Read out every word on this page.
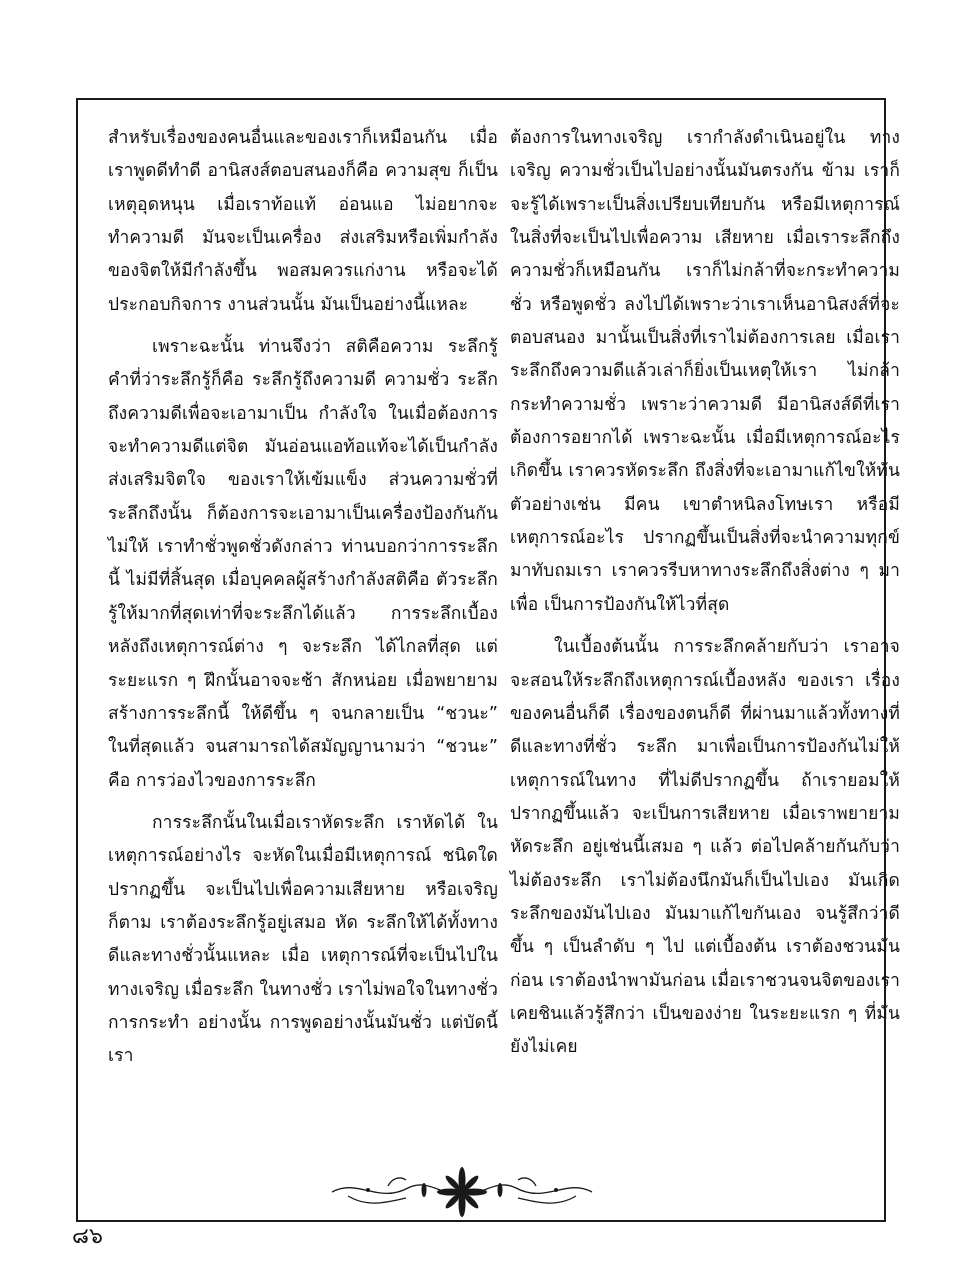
สำหรับเรื่องของคนอื่นและของเราก็เหมือนกัน เมื่อเราพูดดีทำดี อานิสงส์ตอบสนองก็คือ ความสุข ก็เป็นเหตุอุดหนุน เมื่อเราท้อแท้ อ่อนแอ ไม่อยากจะทำความดี มันจะเป็นเครื่อง ส่งเสริมหรือเพิ่มกำลังของจิตให้มีกำลังขึ้น พอสมควรแก่งาน หรือจะได้ประกอบกิจการ งานส่วนนั้น มันเป็นอย่างนี้แหละ

เพราะฉะนั้น ท่านจึงว่า สติคือความ ระลึกรู้ คำที่ว่าระลึกรู้ก็คือ ระลึกรู้ถึงความดี ความชั่ว ระลึกถึงความดีเพื่อจะเอามาเป็น กำลังใจ ในเมื่อต้องการจะทำความดีแต่จิต มันอ่อนแอท้อแท้จะได้เป็นกำลังส่งเสริมจิตใจ ของเราให้เข้มแข็ง ส่วนความชั่วที่ระลึกถึงนั้น ก็ต้องการจะเอามาเป็นเครื่องป้องกันกันไม่ให้ เราทำชั่วพูดชั่วดังกล่าว ท่านบอกว่าการระลึกนี้ ไม่มีที่สิ้นสุด เมื่อบุคคลผู้สร้างกำลังสติคือ ตัวระลึกรู้ให้มากที่สุดเท่าที่จะระลึกได้แล้ว การระลึกเบื้องหลังถึงเหตุการณ์ต่าง ๆ จะระลึก ได้ไกลที่สุด แต่ระยะแรก ๆ ฝึกนั้นอาจจะช้า สักหน่อย เมื่อพยายามสร้างการระลึกนี้ ให้ดีขึ้น ๆ จนกลายเป็น “ชวนะ” ในที่สุดแล้ว จนสามารถได้สมัญญานามว่า “ชวนะ” คือ การว่องไวของการระลึก

การระลึกนั้นในเมื่อเราหัดระลึก เราหัดได้ ในเหตุการณ์อย่างไร จะหัดในเมื่อมีเหตุการณ์ ชนิดใดปรากฏขึ้น จะเป็นไปเพื่อความเสียหาย หรือเจริญก็ตาม เราต้องระลึกรู้อยู่เสมอ หัด ระลึกให้ได้ทั้งทางดีและทางชั่วนั้นแหละ เมื่อ เหตุการณ์ที่จะเป็นไปในทางเจริญ เมื่อระลึก ในทางชั่ว เราไม่พอใจในทางชั่ว การกระทำ อย่างนั้น การพูดอย่างนั้นมันชั่ว แต่บัดนี้เรา

ต้องการในทางเจริญ เรากำลังดำเนินอยู่ใน ทางเจริญ ความชั่วเป็นไปอย่างนั้นมันตรงกัน ข้าม เราก็จะรู้ได้เพราะเป็นสิ่งเปรียบเทียบกัน หรือมีเหตุการณ์ในสิ่งที่จะเป็นไปเพื่อความ เสียหาย เมื่อเราระลึกถึงความชั่วก็เหมือนกัน เราก็ไม่กล้าที่จะกระทำความชั่ว หรือพูดชั่ว ลงไปได้เพราะว่าเราเห็นอานิสงส์ที่จะตอบสนอง มานั้นเป็นสิ่งที่เราไม่ต้องการเลย เมื่อเรา ระลึกถึงความดีแล้วเล่าก็ยิ่งเป็นเหตุให้เรา ไม่กล้ากระทำความชั่ว เพราะว่าความดี มีอานิสงส์ดีที่เราต้องการอยากได้ เพราะฉะนั้น เมื่อมีเหตุการณ์อะไรเกิดขึ้น เราควรหัดระลึก ถึงสิ่งที่จะเอามาแก้ไขให้ทัน ตัวอย่างเช่น มีคน เขาตำหนิลงโทษเรา หรือมีเหตุการณ์อะไร ปรากฏขึ้นเป็นสิ่งที่จะนำความทุกข์มาทับถมเรา เราควรรีบหาทางระลึกถึงสิ่งต่าง ๆ มาเพื่อ เป็นการป้องกันให้ไวที่สุด

ในเบื้องต้นนั้น การระลึกคล้ายกับว่า เราอาจจะสอนให้ระลึกถึงเหตุการณ์เบื้องหลัง ของเรา เรื่องของคนอื่นก็ดี เรื่องของตนก็ดี ที่ผ่านมาแล้วทั้งทางที่ดีและทางที่ชั่ว ระลึก มาเพื่อเป็นการป้องกันไม่ให้เหตุการณ์ในทาง ที่ไม่ดีปรากฏขึ้น ถ้าเรายอมให้ปรากฏขึ้นแล้ว จะเป็นการเสียหาย เมื่อเราพยายามหัดระลึก อยู่เช่นนี้เสมอ ๆ แล้ว ต่อไปคล้ายกันกับว่า ไม่ต้องระลึก เราไม่ต้องนึกมันก็เป็นไปเอง มันเกิดระลึกของมันไปเอง มันมาแก้ไขกันเอง จนรู้สึกว่าดีขึ้น ๆ เป็นลำดับ ๆ ไป แต่เบื้องต้น เราต้องชวนมันก่อน เราต้องนำพามันก่อน เมื่อเราชวนจนจิตของเราเคยชินแล้วรู้สึกว่า เป็นของง่าย ในระยะแรก ๆ ที่มันยังไม่เคย

๘๖
